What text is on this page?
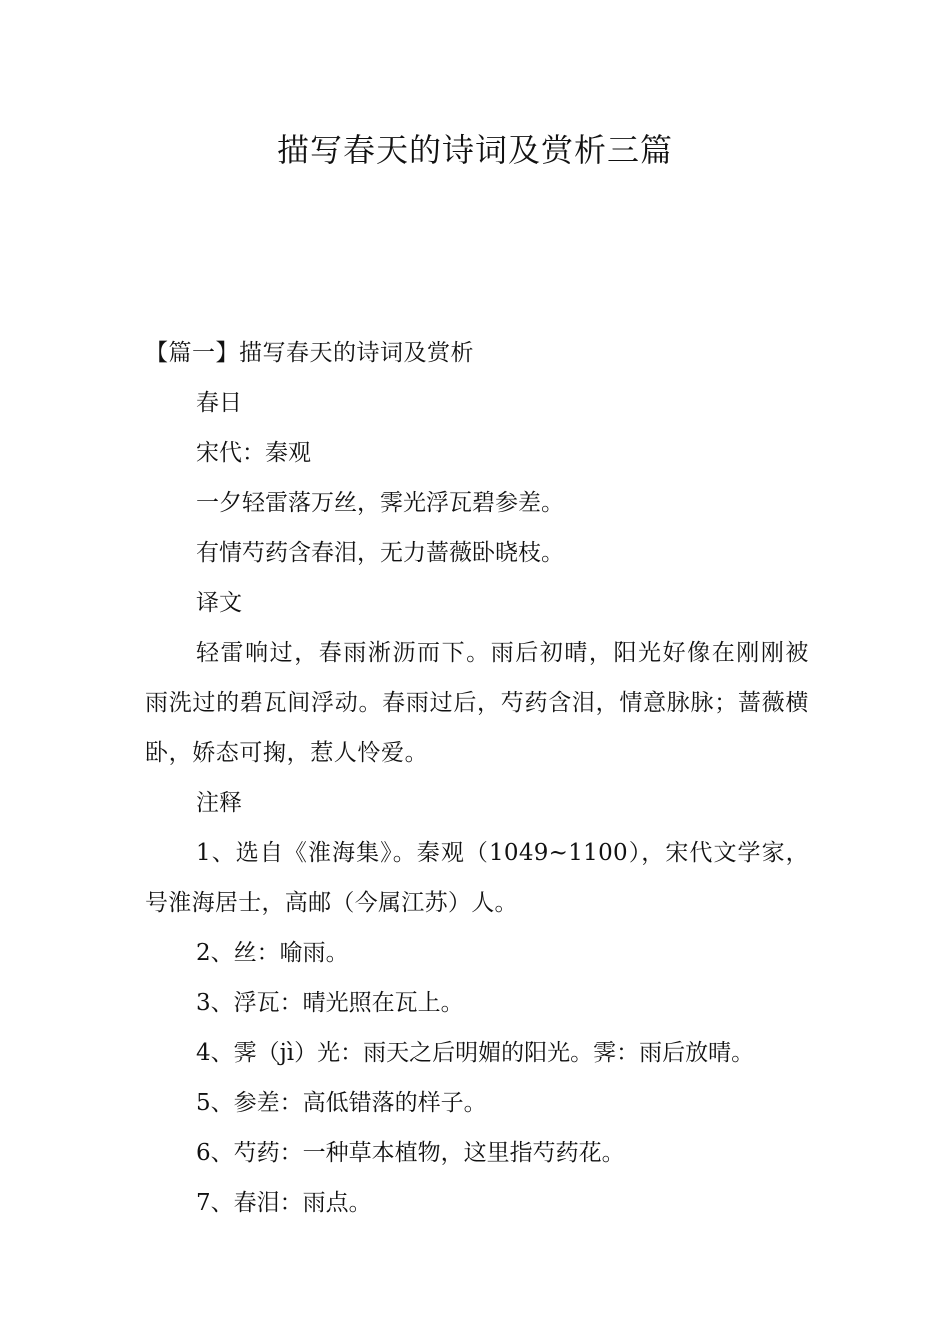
描写春天的诗词及赏析三篇

【篇一】描写春天的诗词及赏析

春日

宋代：秦观

一夕轻雷落万丝，霁光浮瓦碧参差。

有情芍药含春泪，无力蔷薇卧晓枝。

译文

轻雷响过，春雨淅沥而下。雨后初晴，阳光好像在刚刚被雨洗过的碧瓦间浮动。春雨过后，芍药含泪，情意脉脉；蔷薇横卧，娇态可掬，惹人怜爱。

注释

1、选自《淮海集》。秦观（1049~1100），宋代文学家，号淮海居士，高邮（今属江苏）人。

2、丝：喻雨。

3、浮瓦：晴光照在瓦上。

4、霁（jì）光：雨天之后明媚的阳光。霁：雨后放晴。

5、参差：高低错落的样子。

6、芍药：一种草本植物，这里指芍药花。

7、春泪：雨点。
